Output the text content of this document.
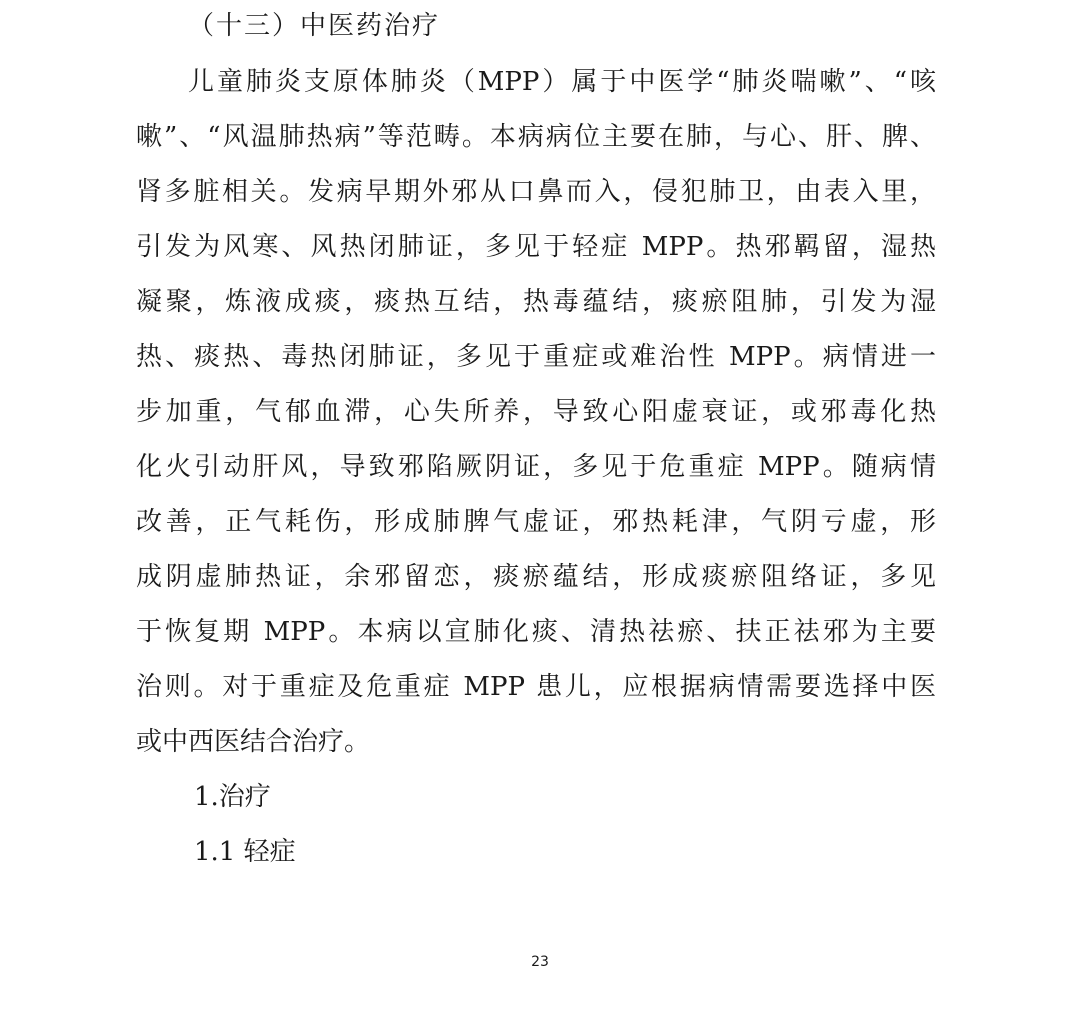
（十三）中医药治疗
儿童肺炎支原体肺炎（MPP）属于中医学“肺炎喘嗽”、“咳
嗽”、“风温肺热病”等范畴。本病病位主要在肺，与心、肝、脾、
肾多脏相关。发病早期外邪从口鼻而入，侵犯肺卫，由表入里，
引发为风寒、风热闭肺证，多见于轻症 MPP。热邪羁留，湿热
凝聚，炼液成痰，痰热互结，热毒蕴结，痰瘀阻肺，引发为湿
热、痰热、毒热闭肺证，多见于重症或难治性 MPP。病情进一
步加重，气郁血滞，心失所养，导致心阳虚衰证，或邪毒化热
化火引动肝风，导致邪陷厥阴证，多见于危重症 MPP。随病情
改善，正气耗伤，形成肺脾气虚证，邪热耗津，气阴亏虚，形
成阴虚肺热证，余邪留恋，痰瘀蕴结，形成痰瘀阻络证，多见
于恢复期 MPP。本病以宣肺化痰、清热祛瘀、扶正祛邪为主要
治则。对于重症及危重症 MPP 患儿，应根据病情需要选择中医
或中西医结合治疗。
1.治疗
1.1 轻症
23
